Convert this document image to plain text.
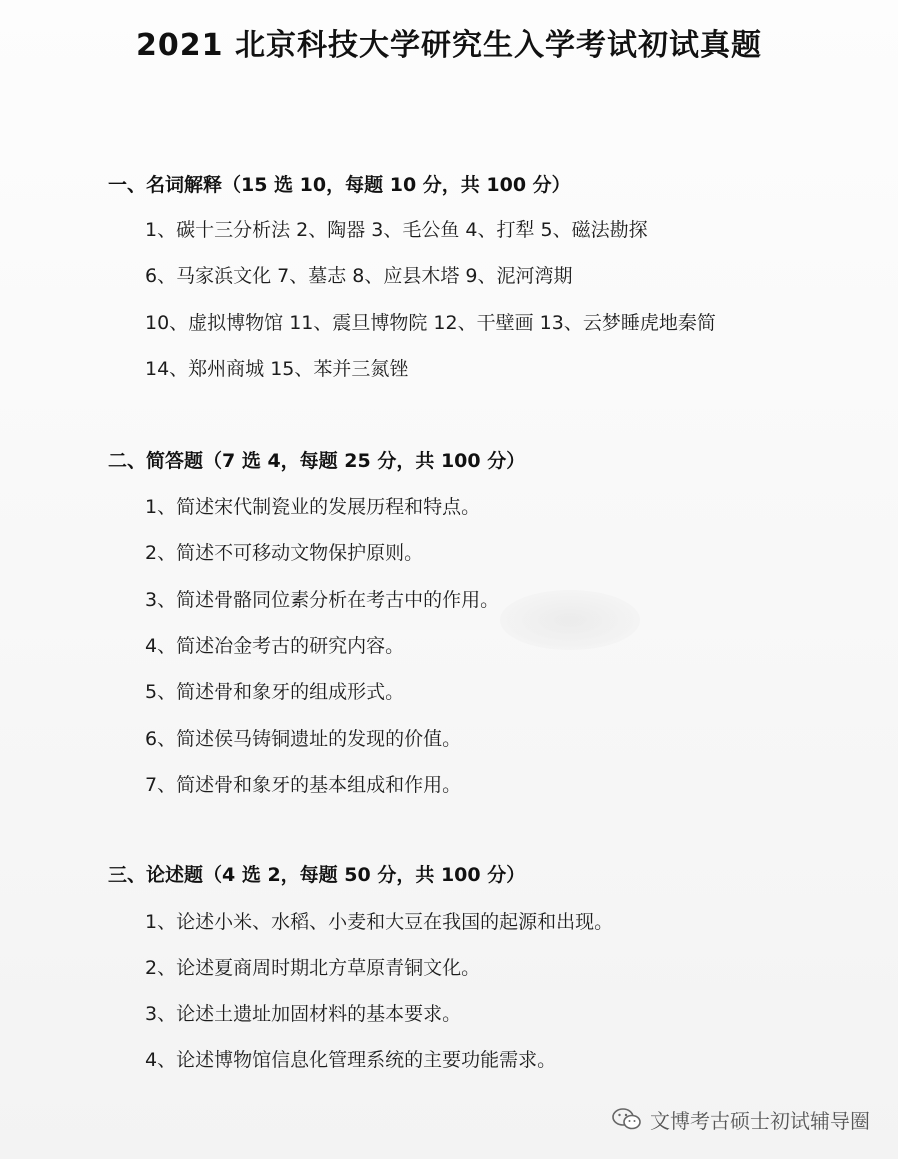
2021 北京科技大学研究生入学考试初试真题
一、名词解释（15 选 10，每题 10 分，共 100 分）
1、碳十三分析法 2、陶器 3、毛公鱼 4、打犁 5、磁法勘探
6、马家浜文化 7、墓志 8、应县木塔 9、泥河湾期
10、虚拟博物馆 11、震旦博物院 12、干壁画 13、云梦睡虎地秦简
14、郑州商城 15、苯并三氮锉
二、简答题（7 选 4，每题 25 分，共 100 分）
1、简述宋代制瓷业的发展历程和特点。
2、简述不可移动文物保护原则。
3、简述骨骼同位素分析在考古中的作用。
4、简述冶金考古的研究内容。
5、简述骨和象牙的组成形式。
6、简述侯马铸铜遗址的发现的价值。
7、简述骨和象牙的基本组成和作用。
三、论述题（4 选 2，每题 50 分，共 100 分）
1、论述小米、水稻、小麦和大豆在我国的起源和出现。
2、论述夏商周时期北方草原青铜文化。
3、论述土遗址加固材料的基本要求。
4、论述博物馆信息化管理系统的主要功能需求。
文博考古硕士初试辅导圈
